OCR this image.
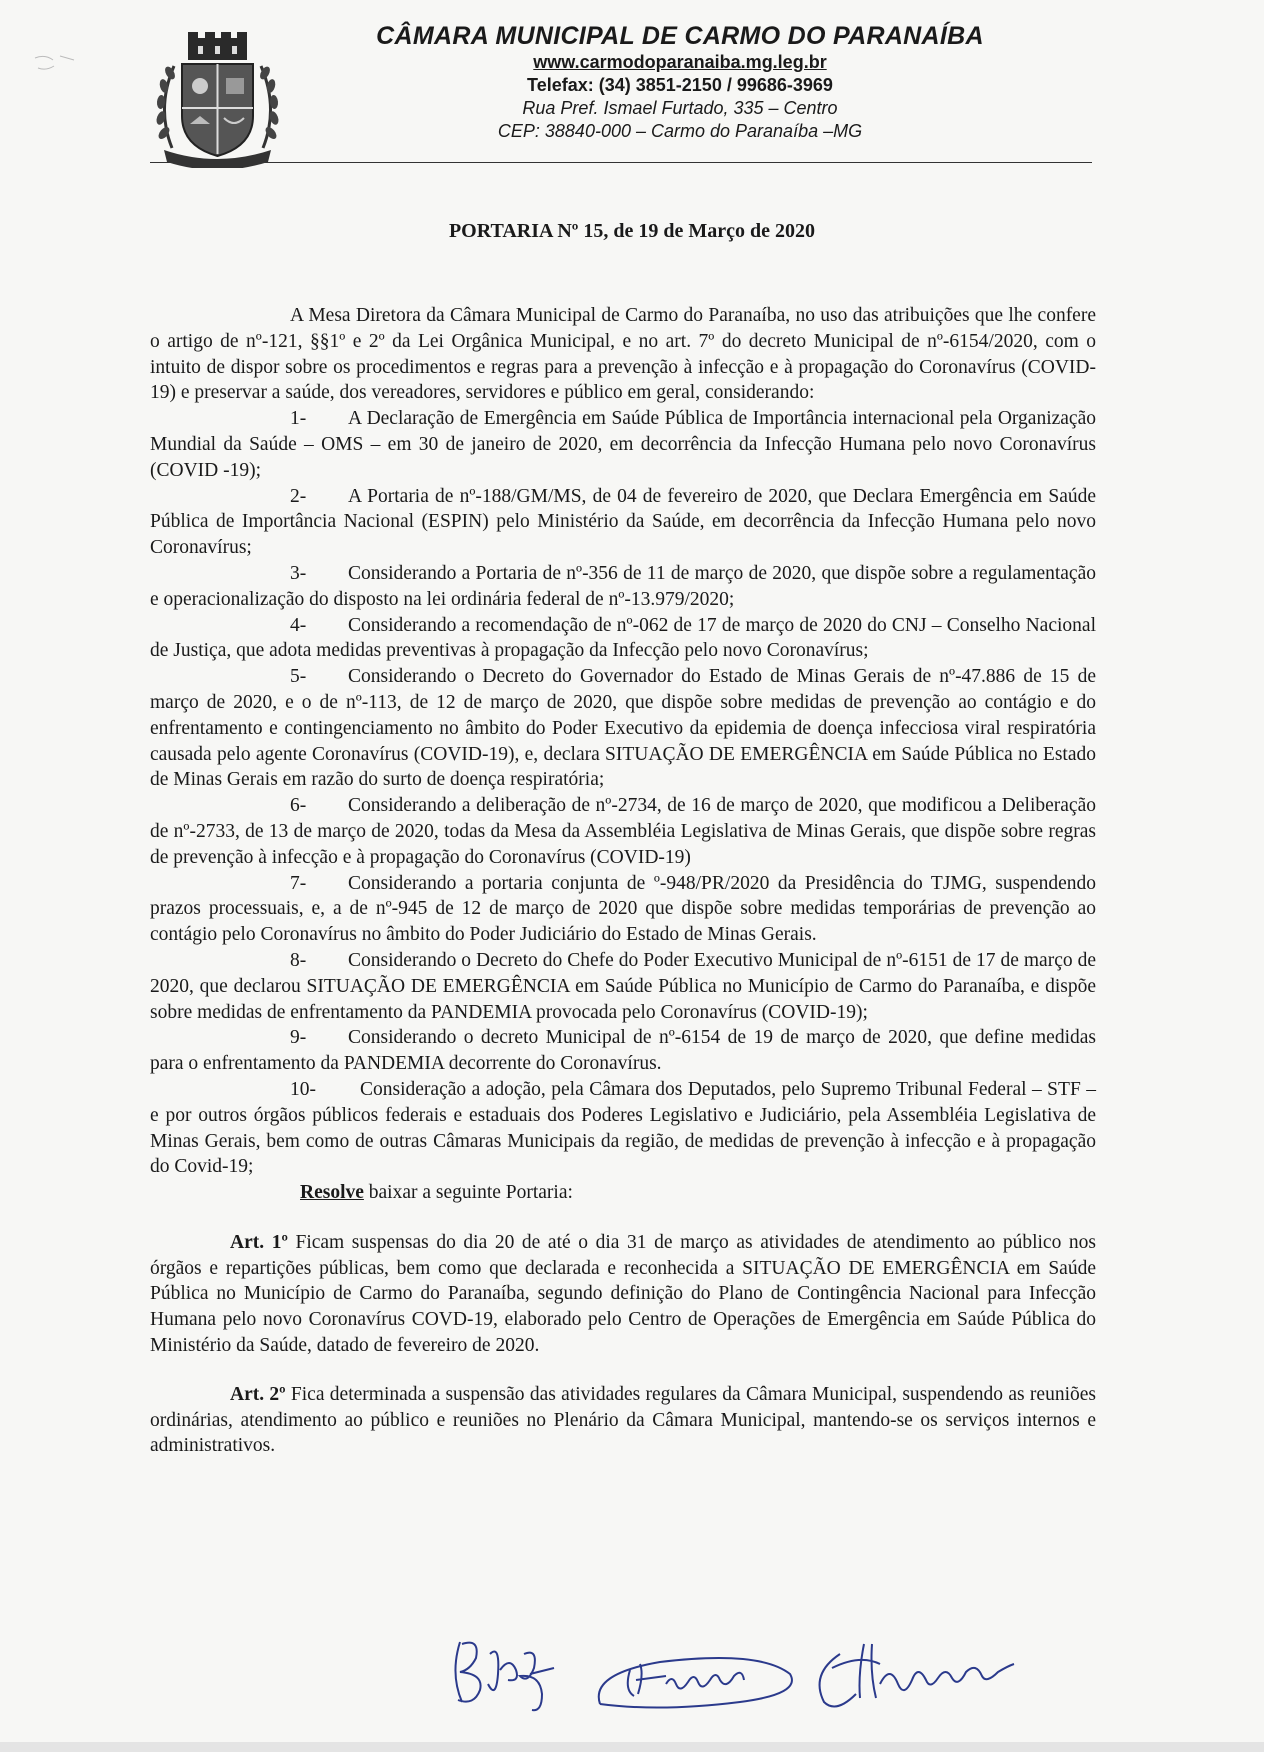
CÂMARA MUNICIPAL DE CARMO DO PARANAÍBA
www.carmodoparanaiba.mg.leg.br
Telefax: (34) 3851-2150 / 99686-3969
Rua Pref. Ismael Furtado, 335 – Centro
CEP: 38840-000 – Carmo do Paranaíba –MG
PORTARIA Nº 15, de 19 de Março de 2020

A Mesa Diretora da Câmara Municipal de Carmo do Paranaíba, no uso das atribuições que lhe confere o artigo de nº-121, §§1º e 2º da Lei Orgânica Municipal, e no art. 7º do decreto Municipal de nº-6154/2020, com o intuito de dispor sobre os procedimentos e regras para a prevenção à infecção e à propagação do Coronavírus (COVID-19) e preservar a saúde, dos vereadores, servidores e público em geral, considerando:

1- A Declaração de Emergência em Saúde Pública de Importância internacional pela Organização Mundial da Saúde – OMS – em 30 de janeiro de 2020, em decorrência da Infecção Humana pelo novo Coronavírus (COVID -19);

2- A Portaria de nº-188/GM/MS, de 04 de fevereiro de 2020, que Declara Emergência em Saúde Pública de Importância Nacional (ESPIN) pelo Ministério da Saúde, em decorrência da Infecção Humana pelo novo Coronavírus;

3- Considerando a Portaria de nº-356 de 11 de março de 2020, que dispõe sobre a regulamentação e operacionalização do disposto na lei ordinária federal de nº-13.979/2020;

4- Considerando a recomendação de nº-062 de 17 de março de 2020 do CNJ – Conselho Nacional de Justiça, que adota medidas preventivas à propagação da Infecção pelo novo Coronavírus;

5- Considerando o Decreto do Governador do Estado de Minas Gerais de nº-47.886 de 15 de março de 2020, e o de nº-113, de 12 de março de 2020, que dispõe sobre medidas de prevenção ao contágio e do enfrentamento e contingenciamento no âmbito do Poder Executivo da epidemia de doença infecciosa viral respiratória causada pelo agente Coronavírus (COVID-19), e, declara SITUAÇÃO DE EMERGÊNCIA em Saúde Pública no Estado de Minas Gerais em razão do surto de doença respiratória;

6- Considerando a deliberação de nº-2734, de 16 de março de 2020, que modificou a Deliberação de nº-2733, de 13 de março de 2020, todas da Mesa da Assembléia Legislativa de Minas Gerais, que dispõe sobre regras de prevenção à infecção e à propagação do Coronavírus (COVID-19)

7- Considerando a portaria conjunta de º-948/PR/2020 da Presidência do TJMG, suspendendo prazos processuais, e, a de nº-945 de 12 de março de 2020 que dispõe sobre medidas temporárias de prevenção ao contágio pelo Coronavírus no âmbito do Poder Judiciário do Estado de Minas Gerais.

8- Considerando o Decreto do Chefe do Poder Executivo Municipal de nº-6151 de 17 de março de 2020, que declarou SITUAÇÃO DE EMERGÊNCIA em Saúde Pública no Município de Carmo do Paranaíba, e dispõe sobre medidas de enfrentamento da PANDEMIA provocada pelo Coronavírus (COVID-19);

9- Considerando o decreto Municipal de nº-6154 de 19 de março de 2020, que define medidas para o enfrentamento da PANDEMIA decorrente do Coronavírus.

10- Consideração a adoção, pela Câmara dos Deputados, pelo Supremo Tribunal Federal – STF – e por outros órgãos públicos federais e estaduais dos Poderes Legislativo e Judiciário, pela Assembléia Legislativa de Minas Gerais, bem como de outras Câmaras Municipais da região, de medidas de prevenção à infecção e à propagação do Covid-19;

Resolve baixar a seguinte Portaria:

Art. 1º Ficam suspensas do dia 20 de até o dia 31 de março as atividades de atendimento ao público nos órgãos e repartições públicas, bem como que declarada e reconhecida a SITUAÇÃO DE EMERGÊNCIA em Saúde Pública no Município de Carmo do Paranaíba, segundo definição do Plano de Contingência Nacional para Infecção Humana pelo novo Coronavírus COVD-19, elaborado pelo Centro de Operações de Emergência em Saúde Pública do Ministério da Saúde, datado de fevereiro de 2020.

Art. 2º Fica determinada a suspensão das atividades regulares da Câmara Municipal, suspendendo as reuniões ordinárias, atendimento ao público e reuniões no Plenário da Câmara Municipal, mantendo-se os serviços internos e administrativos.
